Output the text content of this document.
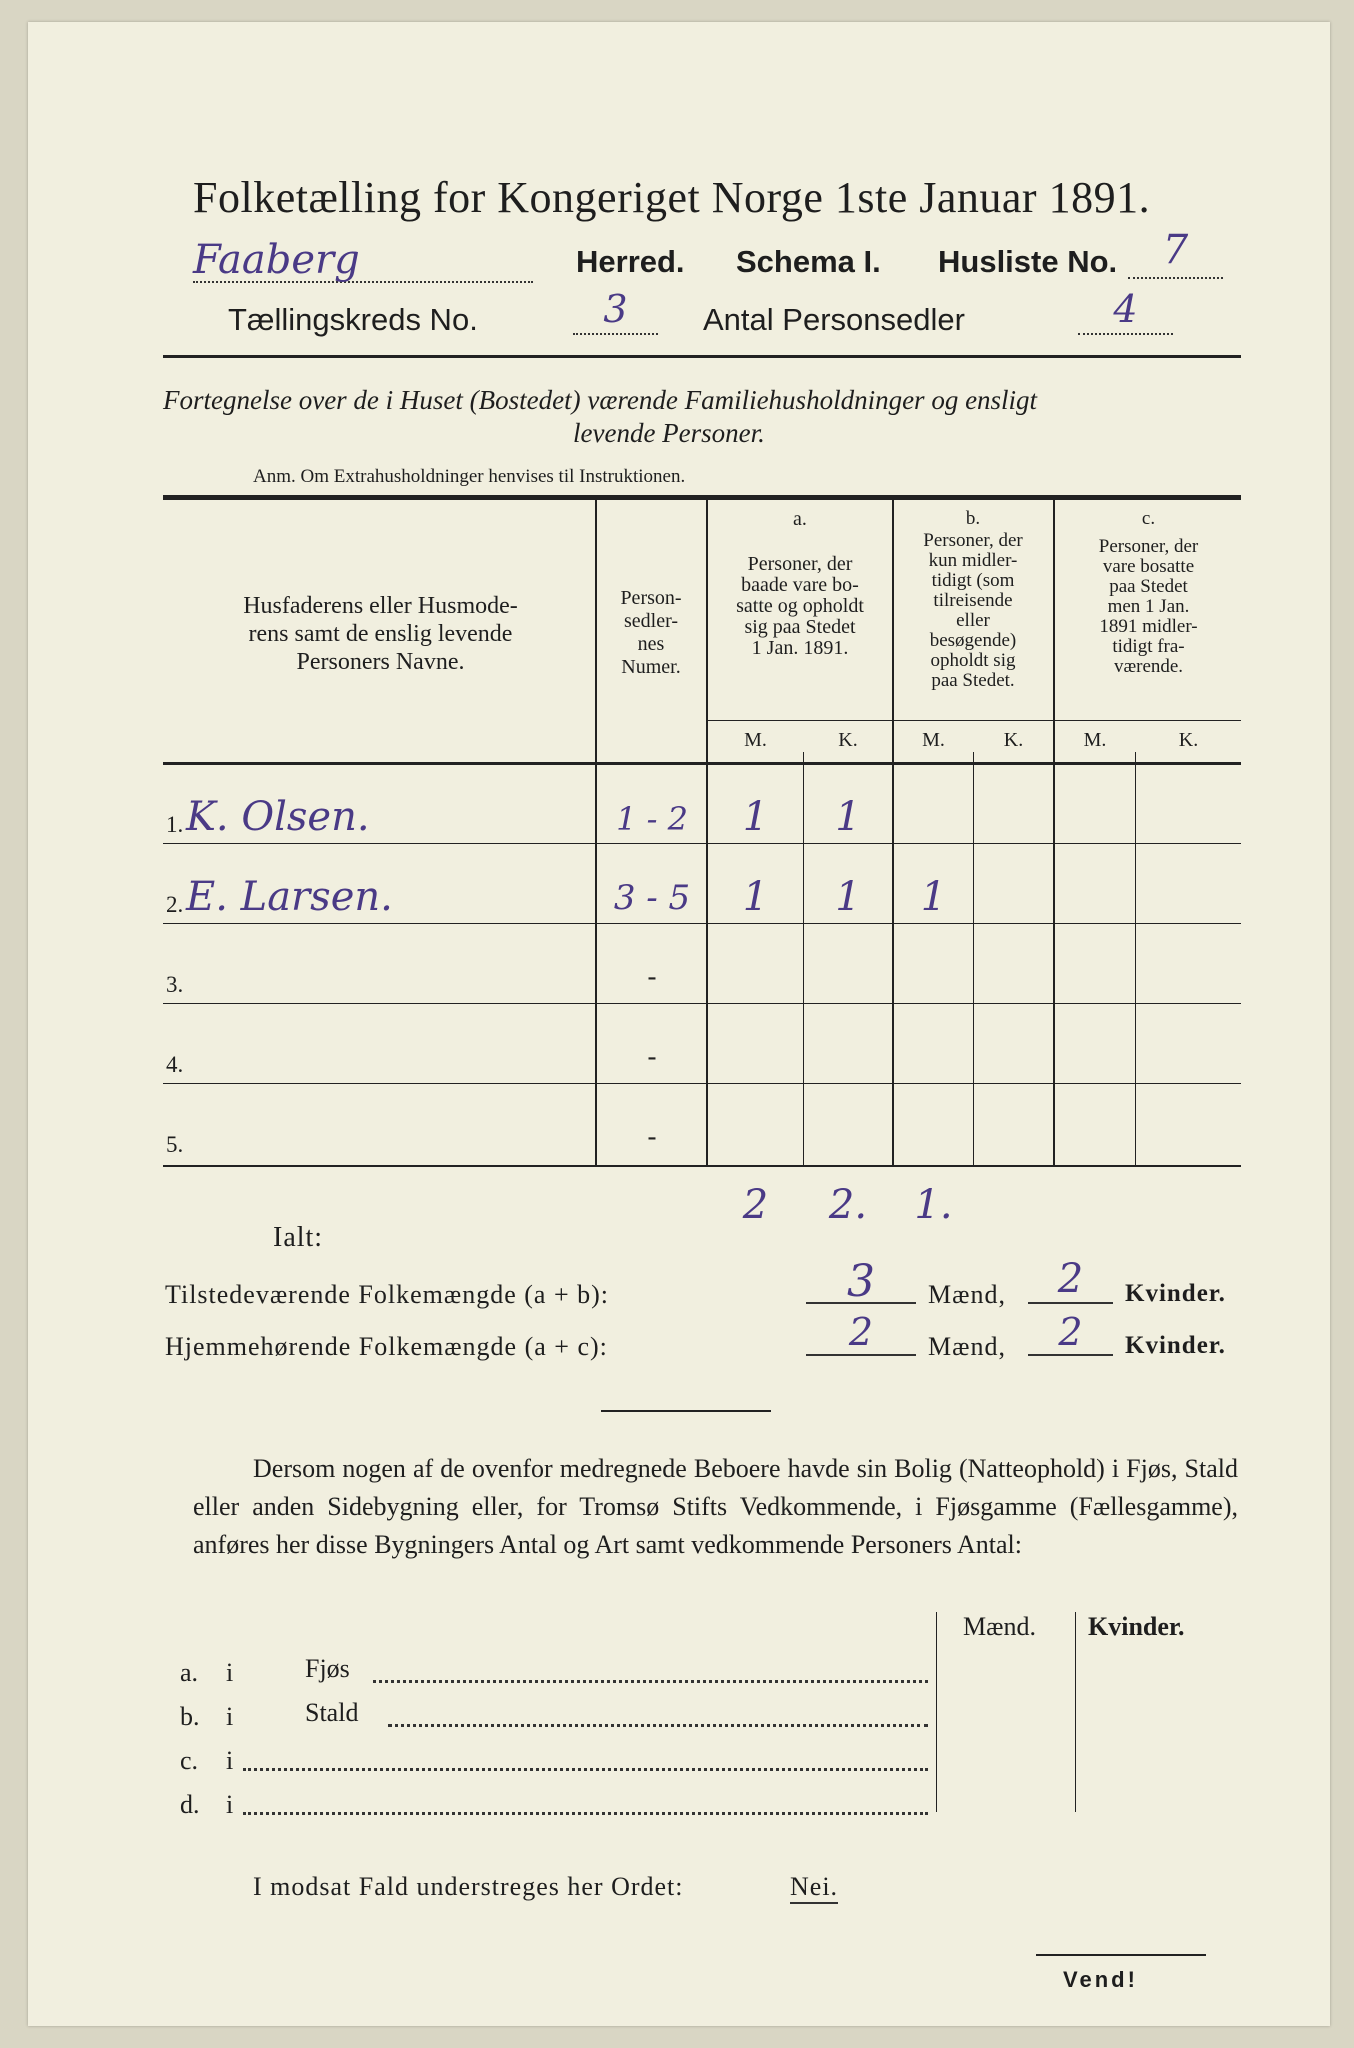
Folketælling for Kongeriget Norge 1ste Januar 1891.
Faaberg	Herred. Schema I. Husliste No.	7
Tællingskreds No.	3	Antal Personsedler	4
Fortegnelse over de i Huset (Bostedet) værende Familiehusholdninger og ensligt
levende Personer.
Anm. Om Extrahusholdninger henvises til Instruktionen.
Husfaderens eller Husmode-
rens samt de enslig levende
Personers Navne.
Person-
sedler-
nes
Numer.
a.
Personer, der
baade vare bo-
satte og opholdt
sig paa Stedet
1 Jan. 1891.
b.
Personer, der
kun midler-
tidigt (som
tilreisende
eller
besøgende)
opholdt sig
paa Stedet.
c.
Personer, der
vare bosatte
paa Stedet
men 1 Jan.
1891 midler-
tidigt fra-
værende.
M.	K.	M.	K.	M.	K.
1. K. Olsen.	1 - 2	1	1
2. E. Larsen.	3 - 5	1	1	1
3.	-
4.	-
5.	-
Ialt:
2	2.	1.
Tilstedeværende Folkemængde (a + b):	3	Mænd,	2	Kvinder.
Hjemmehørende Folkemængde (a + c):	2	Mænd,	2	Kvinder.
Dersom nogen af de ovenfor medregnede Beboere havde sin Bolig (Natteophold) i Fjøs, Stald eller anden Sidebygning eller, for Tromsø Stifts Vedkommende, i Fjøsgamme (Fællesgamme), anføres her disse Bygningers Antal og Art samt vedkommende Personers Antal:
Mænd. Kvinder.
a. i	Fjøs
b. i	Stald
c. i
d. i
I modsat Fald understreges her Ordet:	Nei.
Vend!
